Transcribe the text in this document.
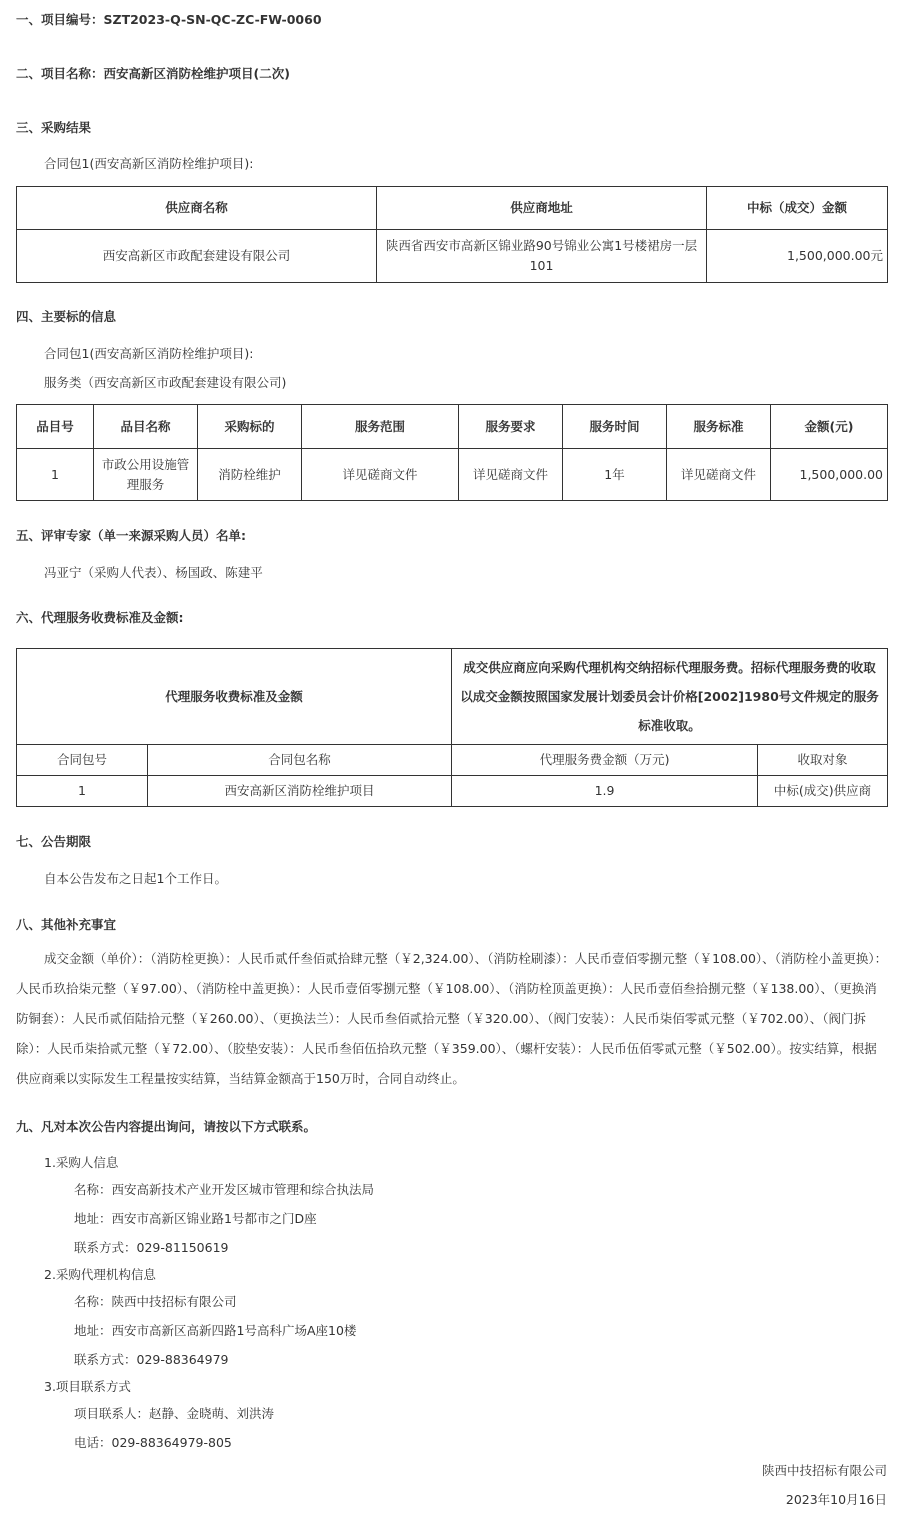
一、项目编号：SZT2023-Q-SN-QC-ZC-FW-0060
二、项目名称：西安高新区消防栓维护项目(二次)
三、采购结果
合同包1(西安高新区消防栓维护项目):
供应商名称	供应商地址	中标（成交）金额
西安高新区市政配套建设有限公司	陕西省西安市高新区锦业路90号锦业公寓1号楼裙房一层101	1,500,000.00元
四、主要标的信息
合同包1(西安高新区消防栓维护项目):
服务类（西安高新区市政配套建设有限公司)
品目号	品目名称	采购标的	服务范围	服务要求	服务时间	服务标准	金额(元)
1	市政公用设施管理服务	消防栓维护	详见磋商文件	详见磋商文件	1年	详见磋商文件	1,500,000.00
五、评审专家（单一来源采购人员）名单:
冯亚宁（采购人代表）、杨国政、陈建平
六、代理服务收费标准及金额:
代理服务收费标准及金额		成交供应商应向采购代理机构交纳招标代理服务费。招标代理服务费的收取以成交金额按照国家发展计划委员会计价格[2002]1980号文件规定的服务标准收取。	
合同包号	合同包名称	代理服务费金额（万元)	收取对象
1	西安高新区消防栓维护项目	1.9	中标(成交)供应商
七、公告期限
自本公告发布之日起1个工作日。
八、其他补充事宜
成交金额（单价）：（消防栓更换）：人民币贰仟叁佰贰拾肆元整（￥2,324.00）、（消防栓刷漆）：人民币壹佰零捌元整（￥108.00）、（消防栓小盖更换）：人民币玖拾柒元整（￥97.00）、（消防栓中盖更换）：人民币壹佰零捌元整（￥108.00）、（消防栓顶盖更换）：人民币壹佰叁拾捌元整（￥138.00）、（更换消防铜套）：人民币贰佰陆拾元整（￥260.00）、（更换法兰）：人民币叁佰贰拾元整（￥320.00）、（阀门安装）：人民币柒佰零贰元整（￥702.00）、（阀门拆除）：人民币柒拾贰元整（￥72.00）、（胶垫安装）：人民币叁佰伍拾玖元整（￥359.00）、（螺杆安装）：人民币伍佰零贰元整（￥502.00）。按实结算，根据供应商乘以实际发生工程量按实结算，当结算金额高于150万时，合同自动终止。
九、凡对本次公告内容提出询问，请按以下方式联系。
1.采购人信息
名称：西安高新技术产业开发区城市管理和综合执法局
地址：西安市高新区锦业路1号都市之门D座
联系方式：029-81150619
2.采购代理机构信息
名称：陕西中技招标有限公司
地址：西安市高新区高新四路1号高科广场A座10楼
联系方式：029-88364979
3.项目联系方式
项目联系人：赵静、金晓萌、刘洪涛
电话：029-88364979-805
陕西中技招标有限公司
2023年10月16日
